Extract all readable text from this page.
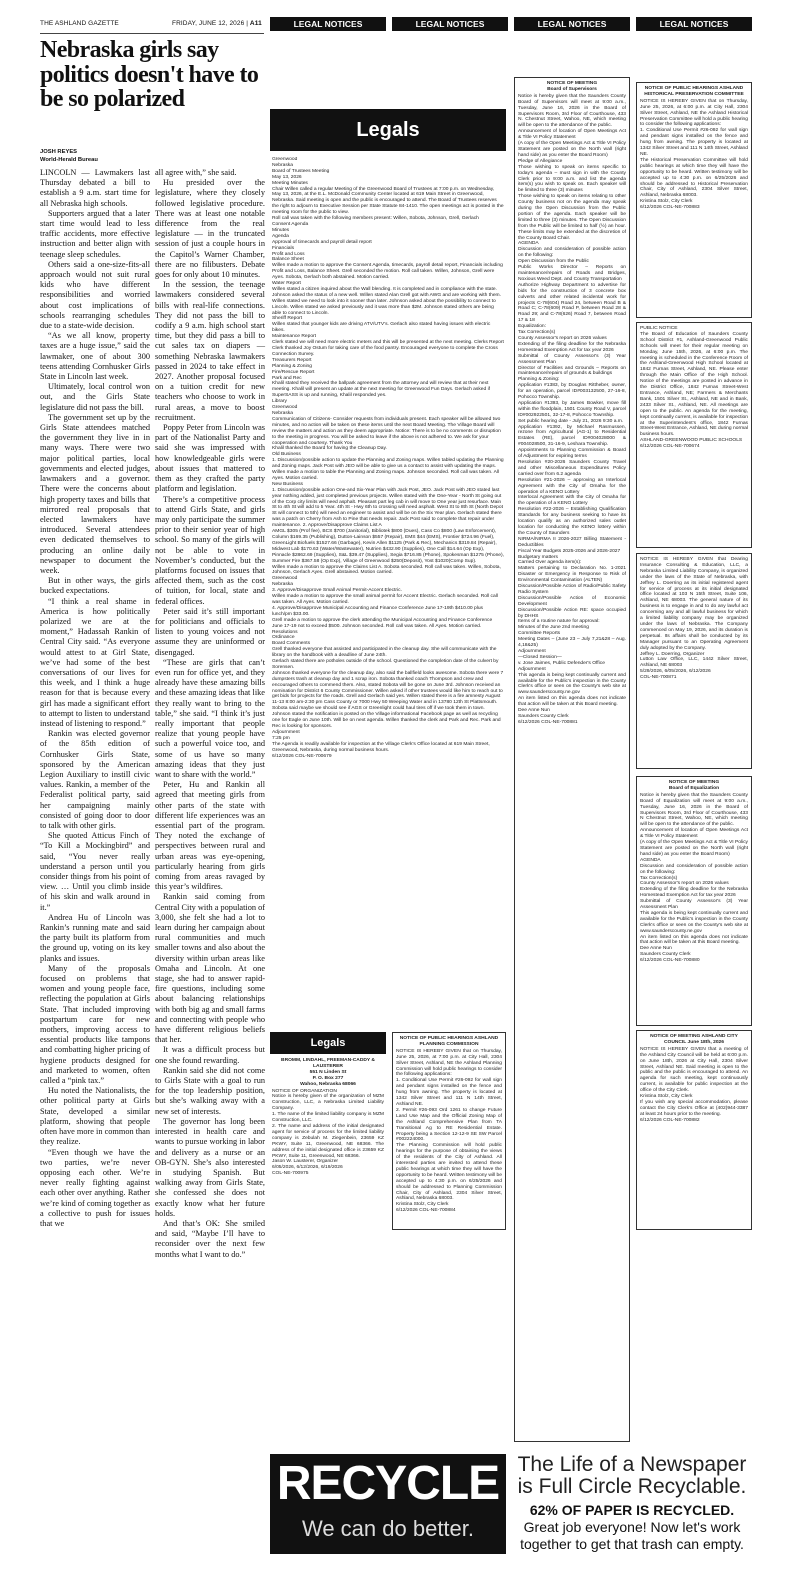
THE ASHLAND GAZETTE	FRIDAY, JUNE 12, 2026 | A11	LEGAL NOTICES	LEGAL NOTICES	LEGAL NOTICES	LEGAL NOTICES
Nebraska girls say politics doesn't have to be so polarized
JOSH REYES
World-Herald Bureau

LINCOLN — Lawmakers last Thursday debated a bill to establish a 9 a.m. start time for all Nebraska high schools.

Supporters argued that a later start time would lead to less traffic accidents, more effective instruction and better align with teenage sleep schedules.

Others said a one-size-fits-all approach would not suit rural kids who have different responsibilities and worried about cost implications of schools rearranging schedules due to a state-wide decision.

“As we all know, property taxes are a huge issue,” said the lawmaker, one of about 300 teens attending Cornhusker Girls State in Lincoln last week.

Ultimately, local control won out, and the Girls State legislature did not pass the bill.

The government set up by the Girls State attendees matched the government they live in in many ways. There were two major political parties, local governments and elected judges, lawmakers and a governor. There were the concerns about high property taxes and bills that mirrored real proposals that elected lawmakers have introduced. Several attendees even dedicated themselves to producing an online daily newspaper to document the week.

But in other ways, the girls bucked expectations.

“I think a real shame in America is how politically polarized we are at the moment,” Hadassah Rankin of Central City said. “As everyone would attest to at Girl State, we’ve had some of the best conversations of our lives for this week, and I think a huge reason for that is because every girl has made a significant effort to attempt to listen to understand instead of listening to respond.”

Rankin was elected governor of the 85th edition of Cornhusker Girls State, sponsored by the American Legion Auxiliary to instill civic values. Rankin, a member of the Federalist political party, said her campaigning mainly consisted of going door to door to talk with other girls.

She quoted Atticus Finch of “To Kill a Mockingbird” and said, “You never really understand a person until you consider things from his point of view. … Until you climb inside of his skin and walk around in it.”

Andrea Hu of Lincoln was Rankin’s running mate and said the party built its platform from the ground up, voting on its key planks and issues.

Many of the proposals focused on problems that women and young people face, reflecting the population at Girls State. That included improving postpartum care for new mothers, improving access to essential products like tampons and combatting higher pricing of hygiene products designed for and marketed to women, often called a “pink tax.”

Hu noted the Nationalists, the other political party at Girls State, developed a similar platform, showing that people often have more in common than they realize.

“Even though we have the two parties, we’re never opposing each other. We’re never really fighting against each other over anything. Rather we’re kind of coming together as a collective to push for issues that we

all agree with,” she said.

Hu presided over the legislature, where they closely followed legislative procedure. There was at least one notable difference from the real legislature — in the truncated session of just a couple hours in the Capitol’s Warner Chamber, there are no filibusters. Debate goes for only about 10 minutes.

In the session, the teenage lawmakers considered several bills with real-life connections. They did not pass the bill to codify a 9 a.m. high school start time, but they did pass a bill to cut sales tax on diapers — something Nebraska lawmakers passed in 2024 to take effect in 2027. Another proposal focused on a tuition credit for new teachers who choose to work in rural areas, a move to boost recruitment.

Poppy Peter from Lincoln was part of the Nationalist Party and said she was impressed with how knowledgeable girls were about issues that mattered to them as they crafted the party platform and legislation.

There’s a competitive process to attend Girls State, and girls may only participate the summer prior to their senior year of high school. So many of the girls will not be able to vote in November’s conducted, but the platforms focused on issues that affected them, such as the cost of tuition, for local, state and federal offices.

Peter said it’s still important for politicians and officials to listen to young voices and not assume they are uninformed or disengaged.

“These are girls that can’t even run for office yet, and they already have these amazing bills and these amazing ideas that like they really want to bring to the table,” she said. “I think it’s just really important that people realize that young people have such a powerful voice too, and some of us have so many amazing ideas that they just want to share with the world.”

Peter, Hu and Rankin all agreed that meeting girls from other parts of the state with different life experiences was an essential part of the program. They noted the exchange of perspectives between rural and urban areas was eye-opening, particularly hearing from girls coming from areas ravaged by this year’s wildfires.

Rankin said coming from Central City with a population of 3,000, she felt she had a lot to learn during her campaign about rural communities and much smaller towns and also about the diversity within urban areas like Omaha and Lincoln. At one stage, she had to answer rapid-fire questions, including some about balancing relationships with both big ag and small farms and connecting with people who have different religious beliefs that her.

It was a difficult process but one she found rewarding.

Rankin said she did not come to Girls State with a goal to run for the top leadership position, but she’s walking away with a new set of interests.

The governor has long been interested in health care and wants to pursue working in labor and delivery as a nurse or an OB-GYN. She’s also interested in studying Spanish. But walking away from Girls State, she confessed she does not exactly know what her future holds.

And that’s OK: She smiled and said, “Maybe I’ll have to reconsider over the next few months what I want to do.”

Legals
Greenwood
Nebraska
Board of Trustees Meeting
May 13, 2026
Meeting Minutes
Chair Willen called a regular Meeting of the Greenwood Board of Trustees at 7:00 p.m. on Wednesday, May 13, 2026, at the E.L. McDonald Community Center located at 619 Main Street in Greenwood, Nebraska. Said meeting is open and the public is encouraged to attend. The Board of Trustees reserves the right to adjourn to Executive Session per State Statute 84-1410. The open meetings act is posted in the meeting room for the public to view.
Roll call was taken with the following members present: Willen, Sobota, Johnson, Grell, Gerlach
Consent Agenda
Minutes
Agenda
Approval of timecards and payroll detail report
Financials
Profit and Loss
Balance Sheet
Willen made a motion to approve the Consent Agenda, timecards, payroll detail report, Financials including Profit and Loss, Balance Sheet. Grell seconded the motion. Roll call taken. Willen, Johnson, Grell were Ayes. Sobota, Gerlach both abstained. Motion carried.
Water Report
Willen stated a citizen inquired about the Wall blending. It is completed and in compliance with the state. Johnson asked the status of a new well. Willen stated Alan Grell got with AWG and are working with them. Willen stated we need to look into it sooner than later. Johnson asked about the possibility to connect to Lincoln. Willen stated we asked previously and it was more than $2M. Johnson stated others are being able to connect to Lincoln.
Sheriff Report
Willen stated that younger kids are driving ATV/UTV's. Gerlach also stated having issues with electric bikes.
Maintenance Report
Clerk stated we will need more electric meters and this will be presented at the next meeting. Clerks Report
Clerk thanked Joy Ostum for taking care of the food pantry. Encouraged everyone to complete the Cross Connection Survey.
Treasurers Report
Planning & Zoning
Fire/Rescue Report
Park and Rec
Khalil stated they received the ballpark agreement from the attorney and will review that at their next meeting. Khalil will present an update at the next meeting for Greenwood Fun Days. Gerlach asked if SuperSASS is up and running, Khalil responded yes.
Library
Greenwood
Nebraska
Communication of Citizens- Consider requests from individuals present. Each speaker will be allowed two minutes, and no action will be taken on these items until the next Board Meeting. The Village Board will review the matters and action as they deem appropriate. Notice: There is to be no comments or disruption to the meeting in progress. You will be asked to leave if the above is not adhered to. We ask for your cooperation and courtesy. Thank You
Khalil thanked the Board for having the Cleanup Day.
Old Business
1. Discussion/possible action to update the Planning and Zoning maps. Willen tabled updating the Planning and Zoning maps. Jack Post with JEO will be able to give us a contact to assist with updating the maps. Willen made a motion to table the Planning and Zoning maps. Johnson seconded. Roll call was taken. All Ayes. Motion carried.
New Business
1. Discussion/possible action One-and Six-Year Plan with Jack Post, JEO. Jack Post with JEO stated last year nothing added, just completed previous projects. Willen stated with the One-Year - North St going out of the Corp city limits will need asphalt. Pleasant part leg cab in will move to One year just resurface. Main St to 4th St will add to 5 Year. 4th St - Hwy 6th to crossing will need asphalt. West St to 8th St (North Depot St will connect to 5th) will need an engineer to assist and will be on the Six Year plan. Gerlach stated there was a patch on Cherry from Ash to Pine that needs repair. Jack Post said to complete that repair under maintenance. 2. Approve/Disapprove Claims List A
AMGL $305 (Prof fee), BCS $700 (Janitorial), Bibliotek $800 (Dues), Cass Co $800 (Law Enforcement), Column $169.35 (Publishing), Dutton-Lainson $557 (Repair), EMS $44 (EMS), Frontier $724.96 (Fuel), GreenLight Biofuels $1527.66 (Garbage), Kevin Allen $1125 (Park & Rec), Mechanics $319.84 (Repair), Midwest Lab $170.63 (Water/Wastewater), Nutrien $432.90 (Supplies), One Call $14.64 (Op Exp), Pinnacle $2862.69 (Supplies), S&L $39.47 (Supplies), Segia $716.85 (Phone), Spokesman $1275 (Phone), Summer Fire $367.58 (Op Exp), Village of Greenwood $250(Deposit), Yost $1020(Comp Sup).
Willen made a motion to approve the Claims List A. Sobota seconded. Roll call was taken. Willen, Sobota, Johnson, Gerlach Ayes. Grell abstained. Motion carried.
Greenwood
Nebraska
3. Approve/Disapprove Small Animal Permit-Accent Electric.
Willen made a motion to approve the small animal permit for Accent Electric. Gerlach seconded. Roll call was taken. All Ayes. Motion carried.
4. Approve/Disapprove Municipal Accounting and Finance Conference June 17-19th $410.00 plus lunch/pm $33.00.
Grell made a motion to approve the clerk attending the Municipal Accounting and Finance Conference June 17-19 not to exceed $500. Johnson seconded. Roll call was taken. All Ayes. Motion carried.
Resolutions
Ordinance
Board Comments
Grell thanked everyone that assisted and participated in the cleanup day. She will communicate with the library on the handbook with a deadline of June 24th.
Gerlach stated there are potholes outside of the school. Questioned the completion date of the culvert by Sorensen.
Johnson thanked everyone for the cleanup day, also said the ballfield looks awesome. Sobota there were 7 dumpsters trash at cleanup day and 1 scrap iron. Sobota thanked coach Thompson and crew and encouraged others to commend them. Also, stated Sobota will be gone on June 3rd. Johnson received an nomination for District 6 County Commissioner. Willen asked if other trustees would like him to reach out to get bids for projects for the roads. Grell and Gerlach said yes. Willen stated there is a fire amnesty August 11-13 8:00 am-2:30 pm Cass County or 7000 Hwy 50 Weeping Water and in 13780 12th St Plattsmouth. Sobota said maybe we should see if AGS or Greenlight could haul tires off if we took them in town. Johnson stated the notification is posted on the Village informational Facebook page as well as recycling one for Eagle on June 10th. Will be on next agenda. Willen thanked the clerk and Park and Rec. Park and Rec is looking for sponsors.
Adjournment
7:25 pm
The Agenda is readily available for inspection at the Village Clerk's Office located at 619 Main Street, Greenwood, Nebraska, during normal business hours.
6/12/2026 COL-NE-700679
Legals
BROMM, LINDAHL, FREEMAN-CADDY & LAUSTERER
551 N Linden St
P. O. Box 277
Wahoo, Nebraska 68066
NOTICE OF ORGANIZATION
Notice is hereby given of the organization of MZM Construction, LLC, a Nebraska Limited Liability Company.
1. The name of the limited liability company is MZM Construction, LLC.
2. The name and address of the initial designated agent for service of process for the limited liability company is Zebulah M. Ziegenbein, 23659 KZ PKWY, Suite 11, Greenwood, NE 68366. The address of the initial designated office is 23659 KZ PKWY, Suite 11, Greenwood, NE 68366.
Jason W. Lausterer, Organizer
6/05/2026, 6/12/2026, 6/19/2026
COL-NE-700975
NOTICE OF PUBLIC HEARINGS ASHLAND PLANNING COMMISSION
NOTICE IS HEREBY GIVEN that on Thursday, June 25, 2026, at 7:00 p.m. at City Hall, 2304 Silver Street, Ashland, NE the Ashland Planning Commission will hold public hearings to consider the following applications:
1. Conditional Use Permit #26-092 for wall sign and pendant signs installed on the fence and hung from awning. The property is located at 1342 Silver Street and 111 N 14th Street, Ashland NE.
2. Permit #26-093 Ord 1261 to change Future Land Use Map and the Official Zoning Map of the Ashland Comprehensive Plan from TA Transitional Ag to RE Residential Estate. Property being a Section 12-12-9 SE SW Parcel #002224000.
The Planning Commission will hold public hearings for the purpose of obtaining the views of the residents of the City of Ashland. All interested parties are invited to attend these public hearings at which time they will have the opportunity to be heard. Written testimony will be accepted up to 4:30 p.m. on 6/25/2026 and should be addressed to Planning Commission Chair, City of Ashland, 2304 Silver Street, Ashland, Nebraska 68003.
Kristina Stolz, City Clerk
6/12/2026 COL-NE-700884
NOTICE OF MEETING
Board of Supervisors
Notice is hereby given that the Saunders County Board of Supervisors will meet at 9:00 a.m., Tuesday, June 16, 2026 in the Board of Supervisors Room, 3rd Floor of Courthouse, 433 N. Chestnut Street, Wahoo, NE, which meeting will be open to the attendance of the public.
Announcement of location of Open Meetings Act & Title VI Policy Statement
(A copy of the Open Meetings Act & Title VI Policy Statement are posted on the North wall (right hand side) as you enter the Board Room)
Pledge of Allegiance
Those wishing to speak on items specific to today's agenda – must sign in with the County Clerk prior to 9:00 a.m. and list the agenda item(s) you wish to speak on. Each speaker will be limited to three (3) minutes
Those wishing to speak on items relating to other County business not on the agenda may speak during the Open Discussion from the Public portion of the agenda. Each speaker will be limited to three (3) minutes. The Open Discussion from the Public will be limited to half (½) an hour. These limits may be extended at the discretion of the County Board Chair.
AGENDA
Discussion and consideration of possible action on the following:
Open Discussion from the Public
Public Works Director – Reports on maintenance/repairs of Roads and Bridges, Noxious Weed Dept. and County Transportation
Authorize Highway Department to advertise for bids for the construction of 3 concrete box culverts and other related incidental work for projects C-78(604) Road 24, between Road B & Road C; C-78(609) Road P, between Road 28 & Road 29; and C-78(626) Road 7, between Road 17 & 18
Equalization:
Tax Correction(s)
County Assessor's report on 2026 values
Extending of the filing deadline for the Nebraska Homestead Exemption Act for tax year 2026
Submittal of County Assessor's (3) Year Assessment Plan
Director of Facilities and Grounds – Reports on maintenance/repairs of grounds & buildings
Planning & Zoning:
Application #1383, by Douglas Rittheber, owner, for an operation, parcel ID#003132500, 27-16-8, Pohocco Township.
Application #1393, by James Bowker, move fill within the floodplain, 1501 County Road V, parcel ID#002922501, 32-17-8, Pohocco Township.
Set public hearing date - July 21, 2026 9:30 a.m.
Application #1392, by Michael Rasmussen, rezone from Agricultural (AG-1) to Residential Estates (RE), parcel ID#004028000 & #004028500, 31-16-9, Leshara Township.
Appointments to Planning Commission & Board of Adjustment for expiring terms
Resolution #20-2026 Saunders County Travel and other Miscellaneous Expenditures Policy carried over from 6.2 agenda
Resolution #21-2026 – approving an Interlocal Agreement with the City of Omaha for the operation of a KENO Lottery
Interlocal Agreement with the City of Omaha for the operation of a KENO Lottery
Resolution #22-2026 – Establishing Qualification Standards for any business seeking to have its location qualify as an authorized sales outlet location for conducting the KENO lottery within the County of Saunders
NIRMA/NIRMA II 2026-2027 Billing Statement - Deductibles
Fiscal Year Budgets 2025-2026 and 2026-2027
Budgetary matters
Carried Over agenda item(s):
Matters pertaining to Declaration No. 1-2021 Disaster or Emergency in Response to Risk of Environmental Contamination (ALTEN)
Discussion/Possible Action of Radio/Public Safety Radio System
Discussion/Possible Action of Economic Development
Discussion/Possible Action RE: space occupied by DHHS
Items of a routine nature for approval:
Minutes of the June 2nd meeting
Committee Reports
Meeting Dates – (June 23 – July 7,21&28 – Aug. 4,18&25)
Adjournment
—Closed Session—
v. Jose Jaimes, Public Defender's Office
Adjournment
This agenda is being kept continually current and available for the Public's inspection in the County Clerk's office or seen on the County's web site at www.saunderscounty.ne.gov
An item listed on this agenda does not indicate that action will be taken at this Board meeting.
Dee Anne Nun
Saunders County Clerk
6/12/2026 COL-NE-700881
NOTICE OF PUBLIC HEARINGS ASHLAND HISTORICAL PRESERVATION COMMITTEE
NOTICE IS HEREBY GIVEN that on Thursday, June 25, 2026, at 6:00 p.m. at City Hall, 2304 Silver Street, Ashland, NE the Ashland Historical Preservation Committee will hold a public hearing to consider the following applications:
1. Conditional Use Permit #26-092 for wall sign and pendant signs installed on the fence and hung from awning. The property is located at 1342 Silver Street and 111 N 14th Street, Ashland NE.
The Historical Preservation Committee will hold public hearings at which time they will have the opportunity to be heard. Written testimony will be accepted up to 4:30 p.m. on 6/25/2026 and should be addressed to Historical Preservation Chair, City of Ashland, 2304 Silver Street, Ashland, Nebraska 68003.
Kristina Stolz, City Clerk
6/12/2026 COL-NE-700883
PUBLIC NOTICE
The Board of Education of Saunders County School District #1, Ashland-Greenwood Public Schools will meet for their regular meeting on Monday, June 15th, 2026, at 6:00 p.m. The meeting is scheduled in the Conference Room of the Ashland-Greenwood High School located at 1842 Furnas Street, Ashland, NE. Please enter through the Main Office of the High School. Notice of the meetings are posted in advance in the District Office, 1842 Furnas Street-West Entrance, Ashland, NE; Farmers & Merchants Bank, 1501 Silver St., Ashland, NE and in Bank, 2433 Silver St., Ashland, NE. All meetings are open to the public. An agenda for the meeting, kept continually current, is available for inspection at the Superintendent's office, 1842 Furnas Street-West Entrance, Ashland, NE during normal business hours.
ASHLAND-GREENWOOD PUBLIC SCHOOLS
6/12/2026 COL-NE-700674
NOTICE IS HEREBY GIVEN that Dearing Insurance Consulting & Education, LLC, a Nebraska Limited Liability Company, is organized under the laws of the State of Nebraska, with Jeffrey L. Doerring as its initial registered agent for service of process at its initial designated office located at 103 N 15th Street, Suite 106, Ashland, NE 68003. The general nature of its business is to engage in and to do any lawful act concerning any and all lawful business for which a limited liability company may be organized under the laws of Nebraska. The Company commenced on May 19, 2026, and its duration is perpetual. Its affairs shall be conducted by its Manager pursuant to an Operating Agreement duly adopted by the Company.
Jeffrey L. Doerring, Organizer
Lutton Law Office, LLC, 1442 Silver Street, Ashland, NE 68003
5/29/2026, 6/05/2026, 6/12/2026
COL-NE-700871
NOTICE OF MEETING
Board of Equalization
Notice is hereby given that the Saunders County Board of Equalization will meet at 9:00 a.m., Tuesday, June 16, 2026 in the Board of Supervisors Room, 3rd Floor of Courthouse, 433 N Chestnut Street, Wahoo, NE, which meeting will be open to the attendance of the public.
Announcement of location of Open Meetings Act & Title VI Policy Statement
(A copy of the Open Meetings Act & Title VI Policy Statement are posted on the North wall (right hand side) as you enter the Board Room)
AGENDA
Discussion and consideration of possible action on the following:
Tax Correction(s)
County Assessor's report on 2026 values
Extending of the filing deadline for the Nebraska Homestead Exemption Act for tax year 2026
Submittal of County Assessor's (3) Year Assessment Plan
This agenda is being kept continually current and available for the Public's inspection in the County Clerk's office or seen on the County's web site at www.saunderscounty.ne.gov
An item listed on this agenda does not indicate that action will be taken at this Board meeting.
Dee Anne Nun
Saunders County Clerk
6/12/2026 COL-NE-700880
NOTICE OF MEETING ASHLAND CITY COUNCIL June 18th, 2026
NOTICE IS HEREBY GIVEN that a meeting of the Ashland City Council will be held at 6:00 p.m. on June 18th, 2026 at City Hall, 2304 Silver Street, Ashland NE. Said meeting is open to the public and the public is encouraged to attend. An agenda for such meeting, kept continuously current, is available for public inspection at the office of the City Clerk.
Kristina Stolz, City Clerk
If you wish any special accommodation, please contact the City Clerk's Office at (402)944-3387 at least 24 hours prior to the meeting.
6/12/2026 COL-NE-700882
RECYCLE
We can do better.
The Life of a Newspaper is Full Circle Recyclable.
62% OF PAPER IS RECYCLED.
Great job everyone! Now let's work together to get that trash can empty.
